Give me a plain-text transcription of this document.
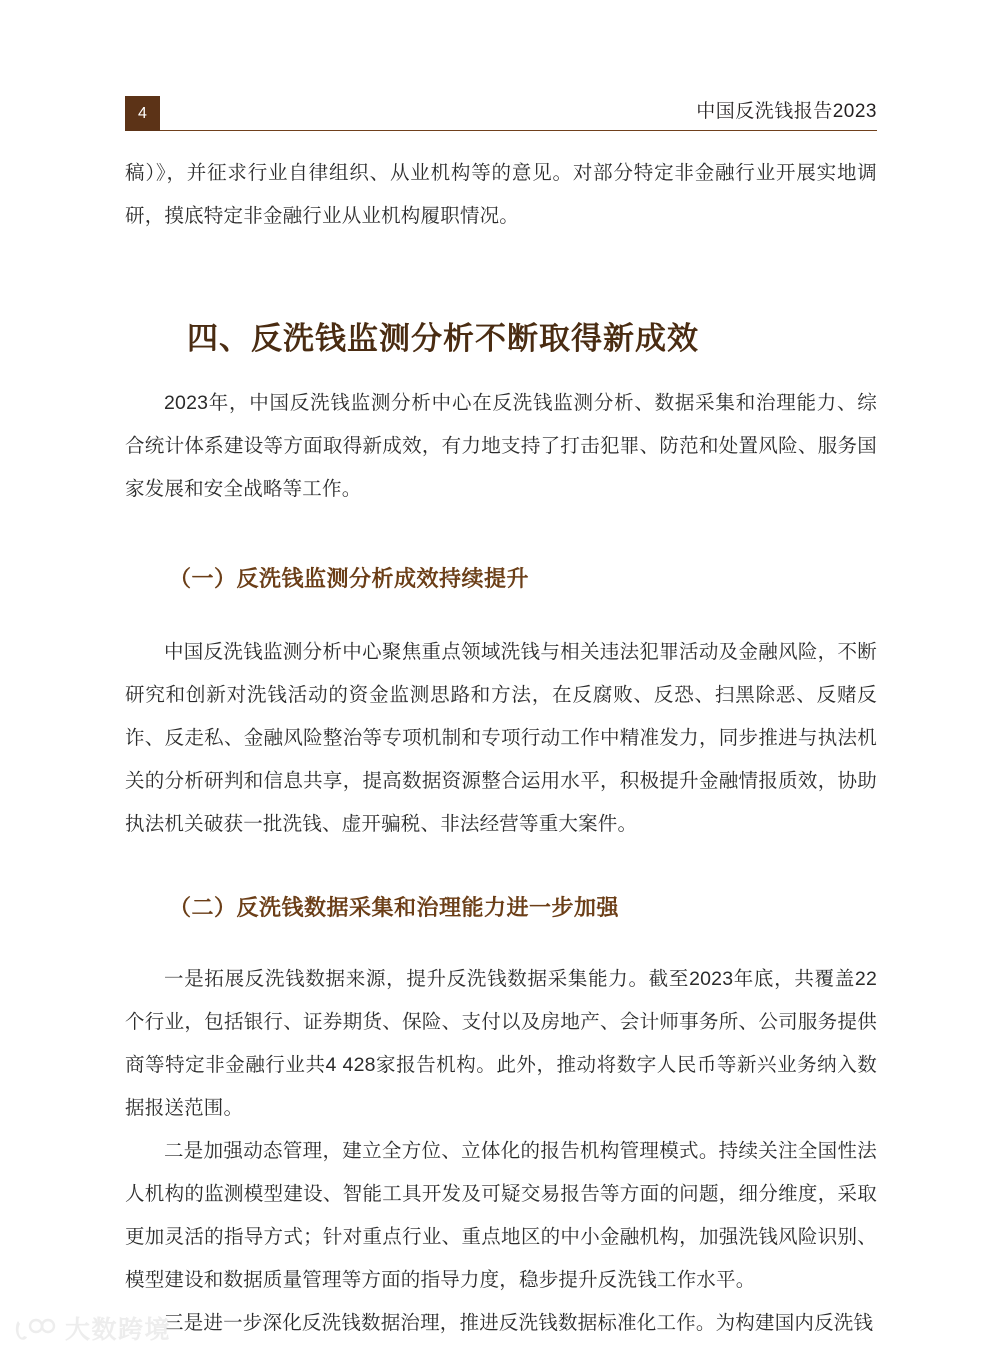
4	中国反洗钱报告2023

稿）》，并征求行业自律组织、从业机构等的意见。对部分特定非金融行业开展实地调研，摸底特定非金融行业从业机构履职情况。

四、反洗钱监测分析不断取得新成效

2023年，中国反洗钱监测分析中心在反洗钱监测分析、数据采集和治理能力、综合统计体系建设等方面取得新成效，有力地支持了打击犯罪、防范和处置风险、服务国家发展和安全战略等工作。

（一）反洗钱监测分析成效持续提升

中国反洗钱监测分析中心聚焦重点领域洗钱与相关违法犯罪活动及金融风险，不断研究和创新对洗钱活动的资金监测思路和方法，在反腐败、反恐、扫黑除恶、反赌反诈、反走私、金融风险整治等专项机制和专项行动工作中精准发力，同步推进与执法机关的分析研判和信息共享，提高数据资源整合运用水平，积极提升金融情报质效，协助执法机关破获一批洗钱、虚开骗税、非法经营等重大案件。

（二）反洗钱数据采集和治理能力进一步加强

一是拓展反洗钱数据来源，提升反洗钱数据采集能力。截至2023年底，共覆盖22个行业，包括银行、证券期货、保险、支付以及房地产、会计师事务所、公司服务提供商等特定非金融行业共4 428家报告机构。此外，推动将数字人民币等新兴业务纳入数据报送范围。

二是加强动态管理，建立全方位、立体化的报告机构管理模式。持续关注全国性法人机构的监测模型建设、智能工具开发及可疑交易报告等方面的问题，细分维度，采取更加灵活的指导方式；针对重点行业、重点地区的中小金融机构，加强洗钱风险识别、模型建设和数据质量管理等方面的指导力度，稳步提升反洗钱工作水平。

三是进一步深化反洗钱数据治理，推进反洗钱数据标准化工作。为构建国内反洗钱

大数跨境
